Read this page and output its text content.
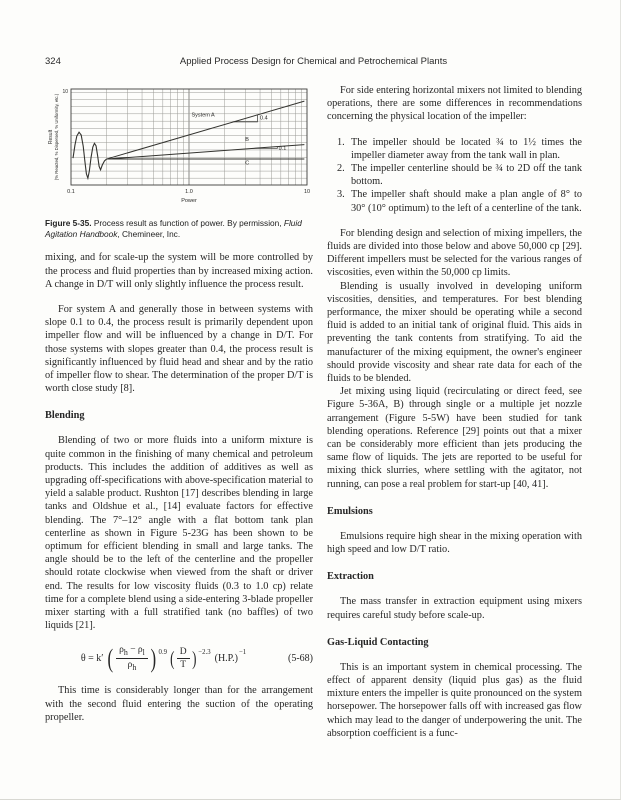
324	Applied Process Design for Chemical and Petrochemical Plants
System A	0.4
B
0.1
C
0.1	1.0	10
10
Power
Result (% Reacted, % Dispersed, % Uniformity, etc.)
Figure 5-35. Process result as function of power. By permission, Fluid Agitation Handbook, Chemineer, Inc.

mixing, and for scale-up the system will be more controlled by the process and fluid properties than by increased mixing action. A change in D/T will only slightly influence the process result.

For system A and generally those in between systems with slope 0.1 to 0.4, the process result is primarily dependent upon impeller flow and will be influenced by a change in D/T. For those systems with slopes greater than 0.4, the process result is significantly influenced by fluid head and shear and by the ratio of impeller flow to shear. The determination of the proper D/T is worth close study [8].

Blending

Blending of two or more fluids into a uniform mixture is quite common in the finishing of many chemical and petroleum products. This includes the addition of additives as well as upgrading off-specifications with above-specification material to yield a salable product. Rushton [17] describes blending in large tanks and Oldshue et al., [14] evaluate factors for effective blending. The 7°–12° angle with a flat bottom tank plan centerline as shown in Figure 5-23G has been shown to be optimum for efficient blending in small and large tanks. The angle should be to the left of the centerline and the propeller should rotate clockwise when viewed from the shaft or driver end. The results for low viscosity fluids (0.3 to 1.0 cp) relate time for a complete blend using a side-entering 3-blade propeller mixer starting with a full stratified tank (no baffles) of two liquids [21].

θ = k′ ( $\frac{\rho_h - \rho_l}{\rho_h}$ ) 0.9 ( $\frac{D}{T}$ ) −2.3
(H.P.)
−1
(5-68)

This time is considerably longer than for the arrangement with the second fluid entering the suction of the operating propeller.

For side entering horizontal mixers not limited to blending operations, there are some differences in recommendations concerning the physical location of the impeller:

1. The impeller should be located ¾ to 1½ times the impeller diameter away from the tank wall in plan.
2. The impeller centerline should be ¾ to 2D off the tank bottom.
3. The impeller shaft should make a plan angle of 8° to 30° (10° optimum) to the left of a centerline of the tank.

For blending design and selection of mixing impellers, the fluids are divided into those below and above 50,000 cp [29]. Different impellers must be selected for the various ranges of viscosities, even within the 50,000 cp limits.

Blending is usually involved in developing uniform viscosities, densities, and temperatures. For best blending performance, the mixer should be operating while a second fluid is added to an initial tank of original fluid. This aids in preventing the tank contents from stratifying. To aid the manufacturer of the mixing equipment, the owner's engineer should provide viscosity and shear rate data for each of the fluids to be blended.

Jet mixing using liquid (recirculating or direct feed, see Figure 5-36A, B) through single or a multiple jet nozzle arrangement (Figure 5-5W) have been studied for tank blending operations. Reference [29] points out that a mixer can be considerably more efficient than jets producing the same flow of liquids. The jets are reported to be useful for mixing thick slurries, where settling with the agitator, not running, can pose a real problem for start-up [40, 41].

Emulsions

Emulsions require high shear in the mixing operation with high speed and low D/T ratio.

Extraction

The mass transfer in extraction equipment using mixers requires careful study before scale-up.

Gas-Liquid Contacting

This is an important system in chemical processing. The effect of apparent density (liquid plus gas) as the fluid mixture enters the impeller is quite pronounced on the system horsepower. The horsepower falls off with increased gas flow which may lead to the danger of underpowering the unit. The absorption coefficient is a func-
